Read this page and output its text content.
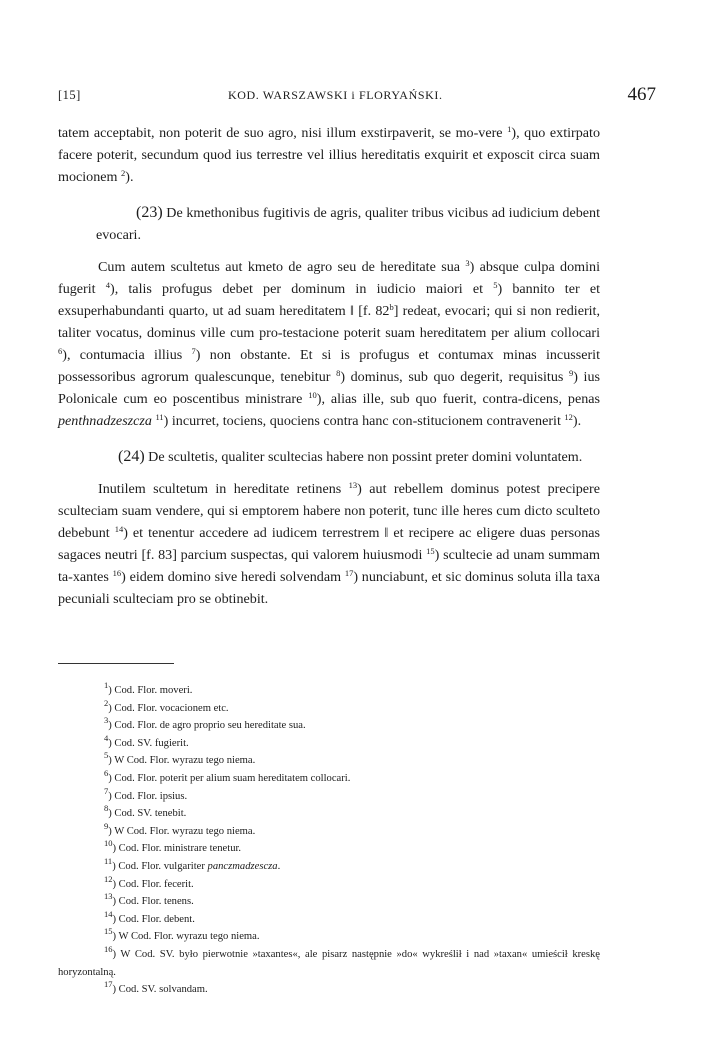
[15]	KOD. WARSZAWSKI i FLORYAŃSKI.	467

tatem acceptabit, non poterit de suo agro, nisi illum exstirpaverit, se mo-vere $^1$), quo extirpato facere poterit, secundum quod ius terrestre vel illius hereditatis exquirit et exposcit circa suam mocionem $^2$).

(23) De kmethonibus fugitivis de agris, qualiter tribus vicibus ad iudicium debent evocari.

Cum autem scultetus aut kmeto de agro seu de hereditate sua $^3$) absque culpa domini fugerit $^4$), talis profugus debet per dominum in iudicio maiori et $^5$) bannito ter et exsuperhabundanti quarto, ut ad suam hereditatem ‖ [f. 82$^b$] redeat, evocari; qui si non redierit, taliter vocatus, dominus ville cum pro-testacione poterit suam hereditatem per alium collocari $^6$), contumacia illius $^7$) non obstante. Et si is profugus et contumax minas incusserit possessoribus agrorum qualescunque, tenebitur $^8$) dominus, sub quo degerit, requisitus $^9$) ius Polonicale cum eo poscentibus ministrare $^{10}$), alias ille, sub quo fuerit, contra-dicens, penas penthnadzeszcza $^{11}$) incurret, tociens, quociens contra hanc con-stitucionem contravenerit $^{12}$).

(24) De scultetis, qualiter scultecias habere non possint preter domini voluntatem.

Inutilem scultetum in hereditate retinens $^{13}$) aut rebellem dominus potest precipere sculteciam suam vendere, qui si emptorem habere non poterit, tunc ille heres cum dicto sculteto debebunt $^{14}$) et tenentur accedere ad iudicem terrestrem ‖ et recipere ac eligere duas personas sagaces neutri [f. 83] parcium suspectas, qui valorem huiusmodi $^{15}$) scultecie ad unam summam ta-xantes $^{16}$) eidem domino sive heredi solvendam $^{17}$) nunciabunt, et sic dominus soluta illa taxa pecuniali sculteciam pro se obtinebit.

$^1$) Cod. Flor. moveri.
$^2$) Cod. Flor. vocacionem etc.
$^3$) Cod. Flor. de agro proprio seu hereditate sua.
$^4$) Cod. SV. fugierit.
$^5$) W Cod. Flor. wyrazu tego niema.
$^6$) Cod. Flor. poterit per alium suam hereditatem collocari.
$^7$) Cod. Flor. ipsius.
$^8$) Cod. SV. tenebit.
$^9$) W Cod. Flor. wyrazu tego niema.
$^{10}$) Cod. Flor. ministrare tenetur.
$^{11}$) Cod. Flor. vulgariter panczmadzescza.
$^{12}$) Cod. Flor. fecerit.
$^{13}$) Cod. Flor. tenens.
$^{14}$) Cod. Flor. debent.
$^{15}$) W Cod. Flor. wyrazu tego niema.
$^{16}$) W Cod. SV. było pierwotnie »taxantes«, ale pisarz następnie »do« wykreślił i nad »taxan« umieścił kreskę horyzontalną.
$^{17}$) Cod. SV. solvandam.
